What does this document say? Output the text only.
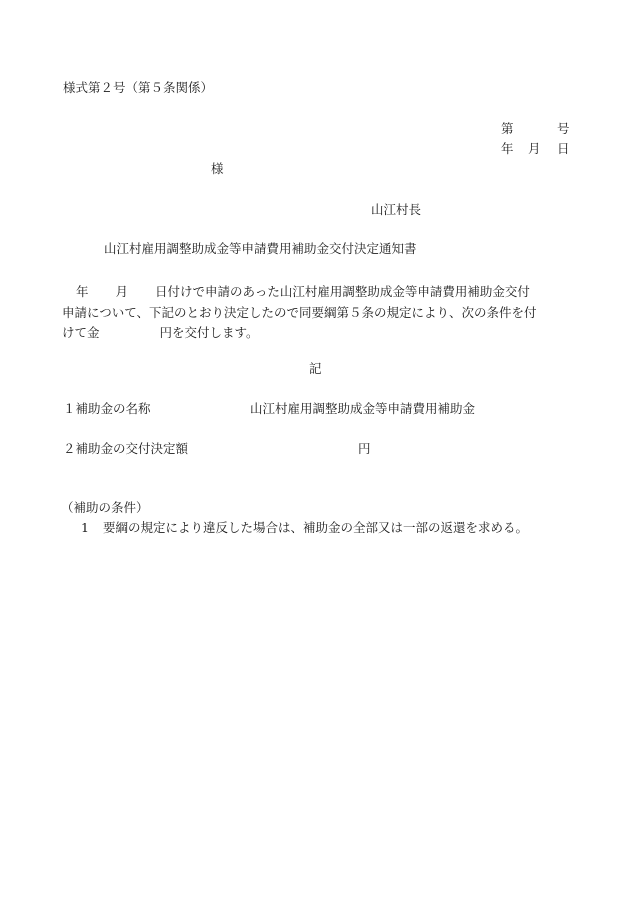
様式第２号（第５条関係）
第	号
年 月 日
様
山江村長
山江村雇用調整助成金等申請費用補助金交付決定通知書
年 月 日付けで申請のあった山江村雇用調整助成金等申請費用補助金交付
申請について、下記のとおり決定したので同要綱第５条の規定により、次の条件を付
けて金	円を交付します。
記
１補助金の名称	山江村雇用調整助成金等申請費用補助金
２補助金の交付決定額	円
（補助の条件）
1 要綱の規定により違反した場合は、補助金の全部又は一部の返還を求める。
